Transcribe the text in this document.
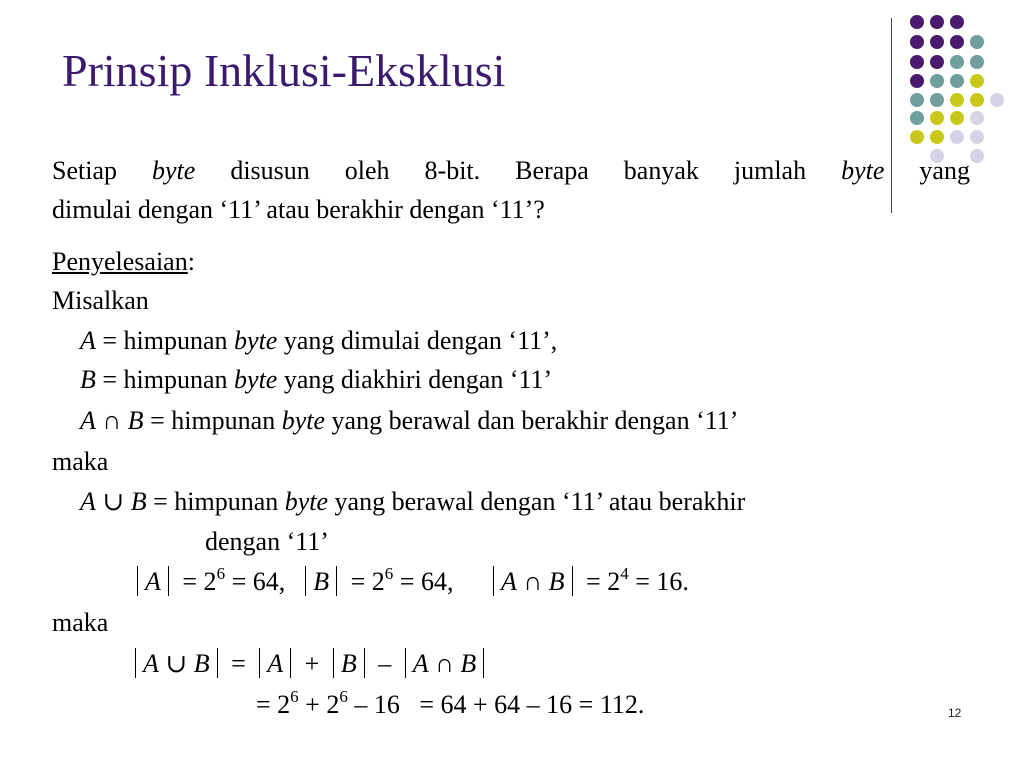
Prinsip Inklusi-Eksklusi
Setiap byte disusun oleh 8-bit. Berapa banyak jumlah byte yang
dimulai dengan ‘11’ atau berakhir dengan ‘11’?
Penyelesaian:
Misalkan
A = himpunan byte yang dimulai dengan ‘11’,
B = himpunan byte yang diakhiri dengan ‘11’
A ∩ B = himpunan byte yang berawal dan berakhir dengan ‘11’
maka
A ∪ B = himpunan byte yang berawal dengan ‘11’ atau berakhir
dengan ‘11’
$A = 2^6 = 64$, $B = 2^6 = 64$, A ∩ $B = 2^4 = 16$.
maka
A ∪ B = A + B – A ∩ B
= $2^6 + 2^6 - 16 = 64 + 64 - 16 = 112$.	12
